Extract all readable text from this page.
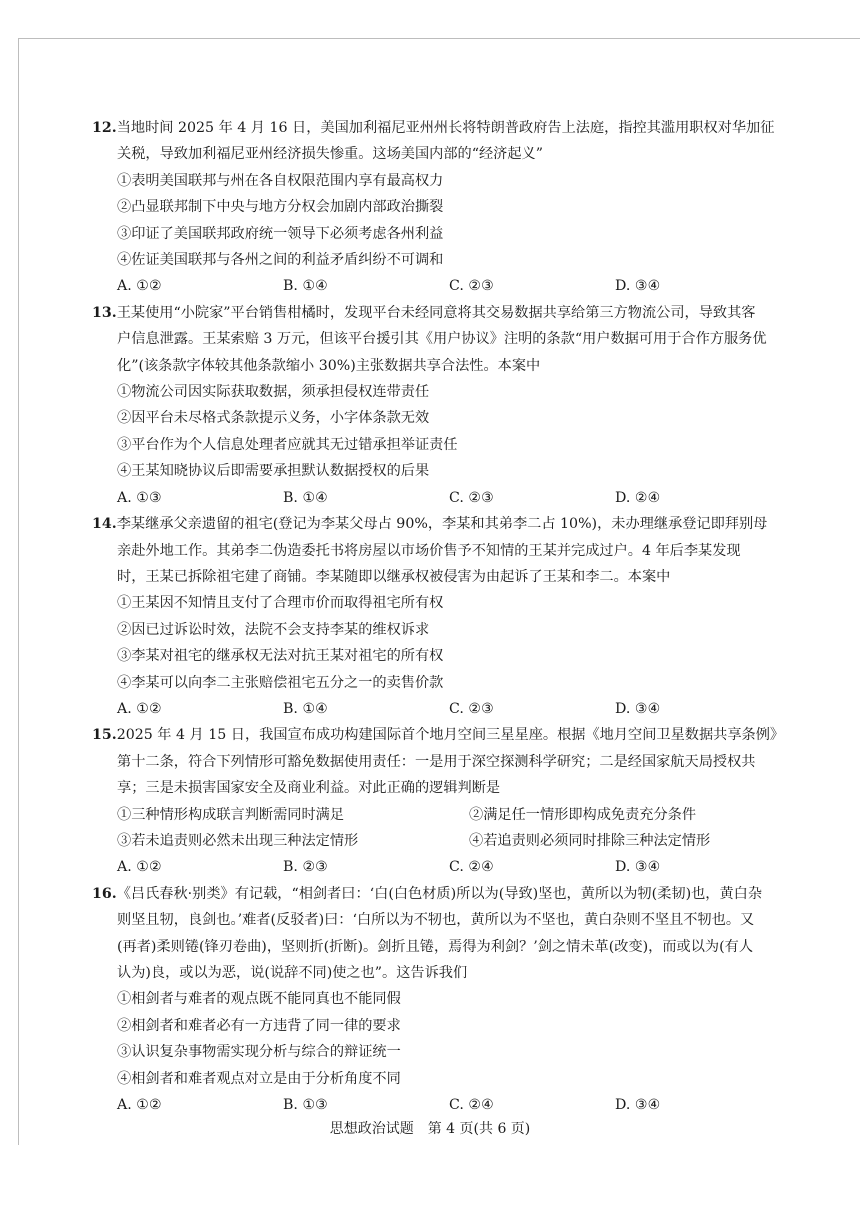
12.当地时间 2025 年 4 月 16 日，美国加利福尼亚州州长将特朗普政府告上法庭，指控其滥用职权对华加征

关税，导致加利福尼亚州经济损失惨重。这场美国内部的“经济起义”

①表明美国联邦与州在各自权限范围内享有最高权力

②凸显联邦制下中央与地方分权会加剧内部政治撕裂

③印证了美国联邦政府统一领导下必须考虑各州利益

④佐证美国联邦与各州之间的利益矛盾纠纷不可调和

A. ①②	B. ①④	C. ②③	D. ③④

13.王某使用“小院家”平台销售柑橘时，发现平台未经同意将其交易数据共享给第三方物流公司，导致其客

户信息泄露。王某索赔 3 万元，但该平台援引其《用户协议》注明的条款“用户数据可用于合作方服务优

化”(该条款字体较其他条款缩小 30%)主张数据共享合法性。本案中

①物流公司因实际获取数据，须承担侵权连带责任

②因平台未尽格式条款提示义务，小字体条款无效

③平台作为个人信息处理者应就其无过错承担举证责任

④王某知晓协议后即需要承担默认数据授权的后果

A. ①③	B. ①④	C. ②③	D. ②④

14.李某继承父亲遗留的祖宅(登记为李某父母占 90%，李某和其弟李二占 10%)，未办理继承登记即拜别母

亲赴外地工作。其弟李二伪造委托书将房屋以市场价售予不知情的王某并完成过户。4 年后李某发现

时，王某已拆除祖宅建了商铺。李某随即以继承权被侵害为由起诉了王某和李二。本案中

①王某因不知情且支付了合理市价而取得祖宅所有权

②因已过诉讼时效，法院不会支持李某的维权诉求

③李某对祖宅的继承权无法对抗王某对祖宅的所有权

④李某可以向李二主张赔偿祖宅五分之一的卖售价款

A. ①②	B. ①④	C. ②③	D. ③④

15.2025 年 4 月 15 日，我国宣布成功构建国际首个地月空间三星星座。根据《地月空间卫星数据共享条例》

第十二条，符合下列情形可豁免数据使用责任：一是用于深空探测科学研究；二是经国家航天局授权共

享；三是未损害国家安全及商业利益。对此正确的逻辑判断是

①三种情形构成联言判断需同时满足	②满足任一情形即构成免责充分条件
③若未追责则必然未出现三种法定情形	④若追责则必须同时排除三种法定情形
A. ①②	B. ②③	C. ②④	D. ③④

16.《吕氏春秋·别类》有记载，“相剑者曰：‘白(白色材质)所以为(导致)坚也，黄所以为牣(柔韧)也，黄白杂

则坚且牣，良剑也。’难者(反驳者)曰：‘白所以为不牣也，黄所以为不坚也，黄白杂则不坚且不牣也。又

(再者)柔则锩(锋刃卷曲)，坚则折(折断)。剑折且锩，焉得为利剑？’剑之情未革(改变)，而或以为(有人

认为)良，或以为恶，说(说辞不同)使之也”。这告诉我们

①相剑者与难者的观点既不能同真也不能同假

②相剑者和难者必有一方违背了同一律的要求

③认识复杂事物需实现分析与综合的辩证统一

④相剑者和难者观点对立是由于分析角度不同

A. ①②	B. ①③	C. ②④	D. ③④
思想政治试题　第 4 页(共 6 页)
